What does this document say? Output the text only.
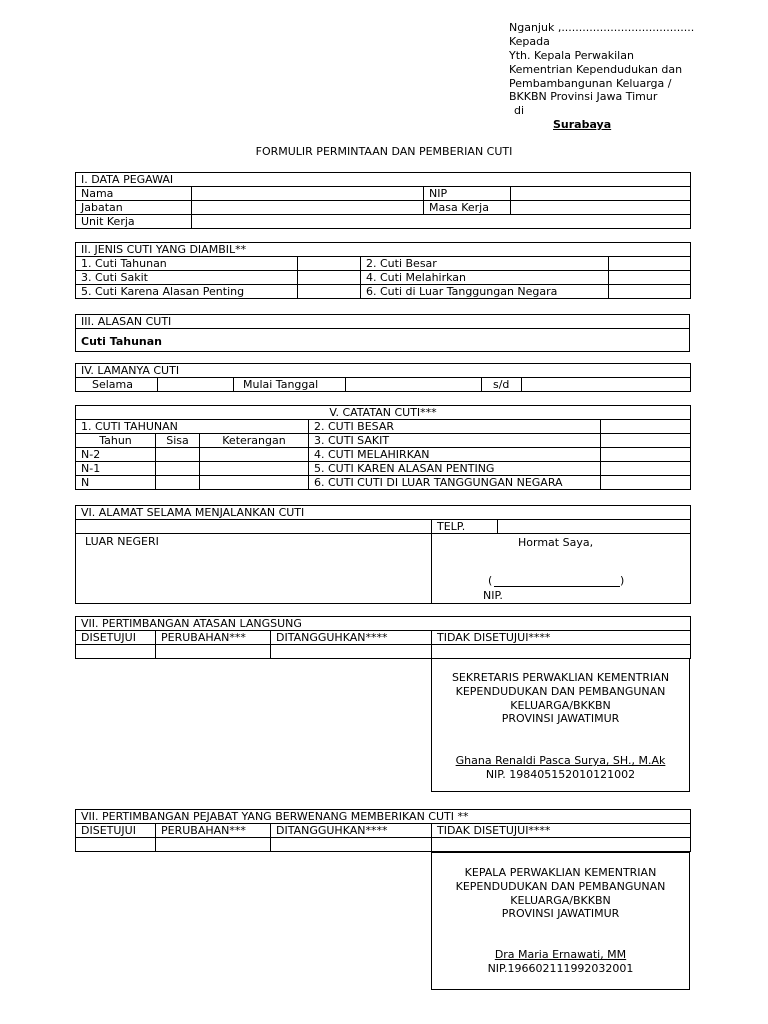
Nganjuk ,......................................
Kepada
Yth. Kepala Perwakilan
Kementrian Kependudukan dan
Pembambangunan Keluarga /
BKKBN Provinsi Jawa Timur
di
Surabaya
FORMULIR PERMINTAAN DAN PEMBERIAN CUTI
I. DATA PEGAWAI			
Nama		NIP	
Jabatan		Masa Kerja	
Unit Kerja			
II. JENIS CUTI YANG DIAMBIL**			
1. Cuti Tahunan		2. Cuti Besar	
3. Cuti Sakit		4. Cuti Melahirkan	
5. Cuti Karena Alasan Penting		6. Cuti di Luar Tanggungan Negara	
III. ALASAN CUTI
Cuti Tahunan
IV. LAMANYA CUTI
Selama		Mulai Tanggal		s/d	
V. CATATAN CUTI***				
1. CUTI TAHUNAN			2. CUTI BESAR	
Tahun	Sisa	Keterangan	3. CUTI SAKIT	
N-2			4. CUTI MELAHIRKAN	
N-1			5. CUTI KAREN ALASAN PENTING	
N			6. CUTI CUTI DI LUAR TANGGUNGAN NEGARA	
VI. ALAMAT SELAMA MENJALANKAN CUTI		
	TELP.	
LUAR NEGERI	Hormat Saya,
( )
NIP.	
VII. PERTIMBANGAN ATASAN LANGSUNG			
DISETUJUI	PERUBAHAN***	DITANGGUHKAN****	TIDAK DISETUJUI****

SEKRETARIS PERWAKLIAN KEMENTRIAN
KEPENDUDUKAN DAN PEMBANGUNAN
KELUARGA/BKKBN
PROVINSI JAWATIMUR
Ghana Renaldi Pasca Surya, SH., M.Ak
NIP. 198405152010121002
VII. PERTIMBANGAN PEJABAT YANG BERWENANG MEMBERIKAN CUTI **			
DISETUJUI	PERUBAHAN***	DITANGGUHKAN****	TIDAK DISETUJUI****

KEPALA PERWAKLIAN KEMENTRIAN
KEPENDUDUKAN DAN PEMBANGUNAN
KELUARGA/BKKBN
PROVINSI JAWATIMUR
Dra Maria Ernawati, MM
NIP.196602111992032001
